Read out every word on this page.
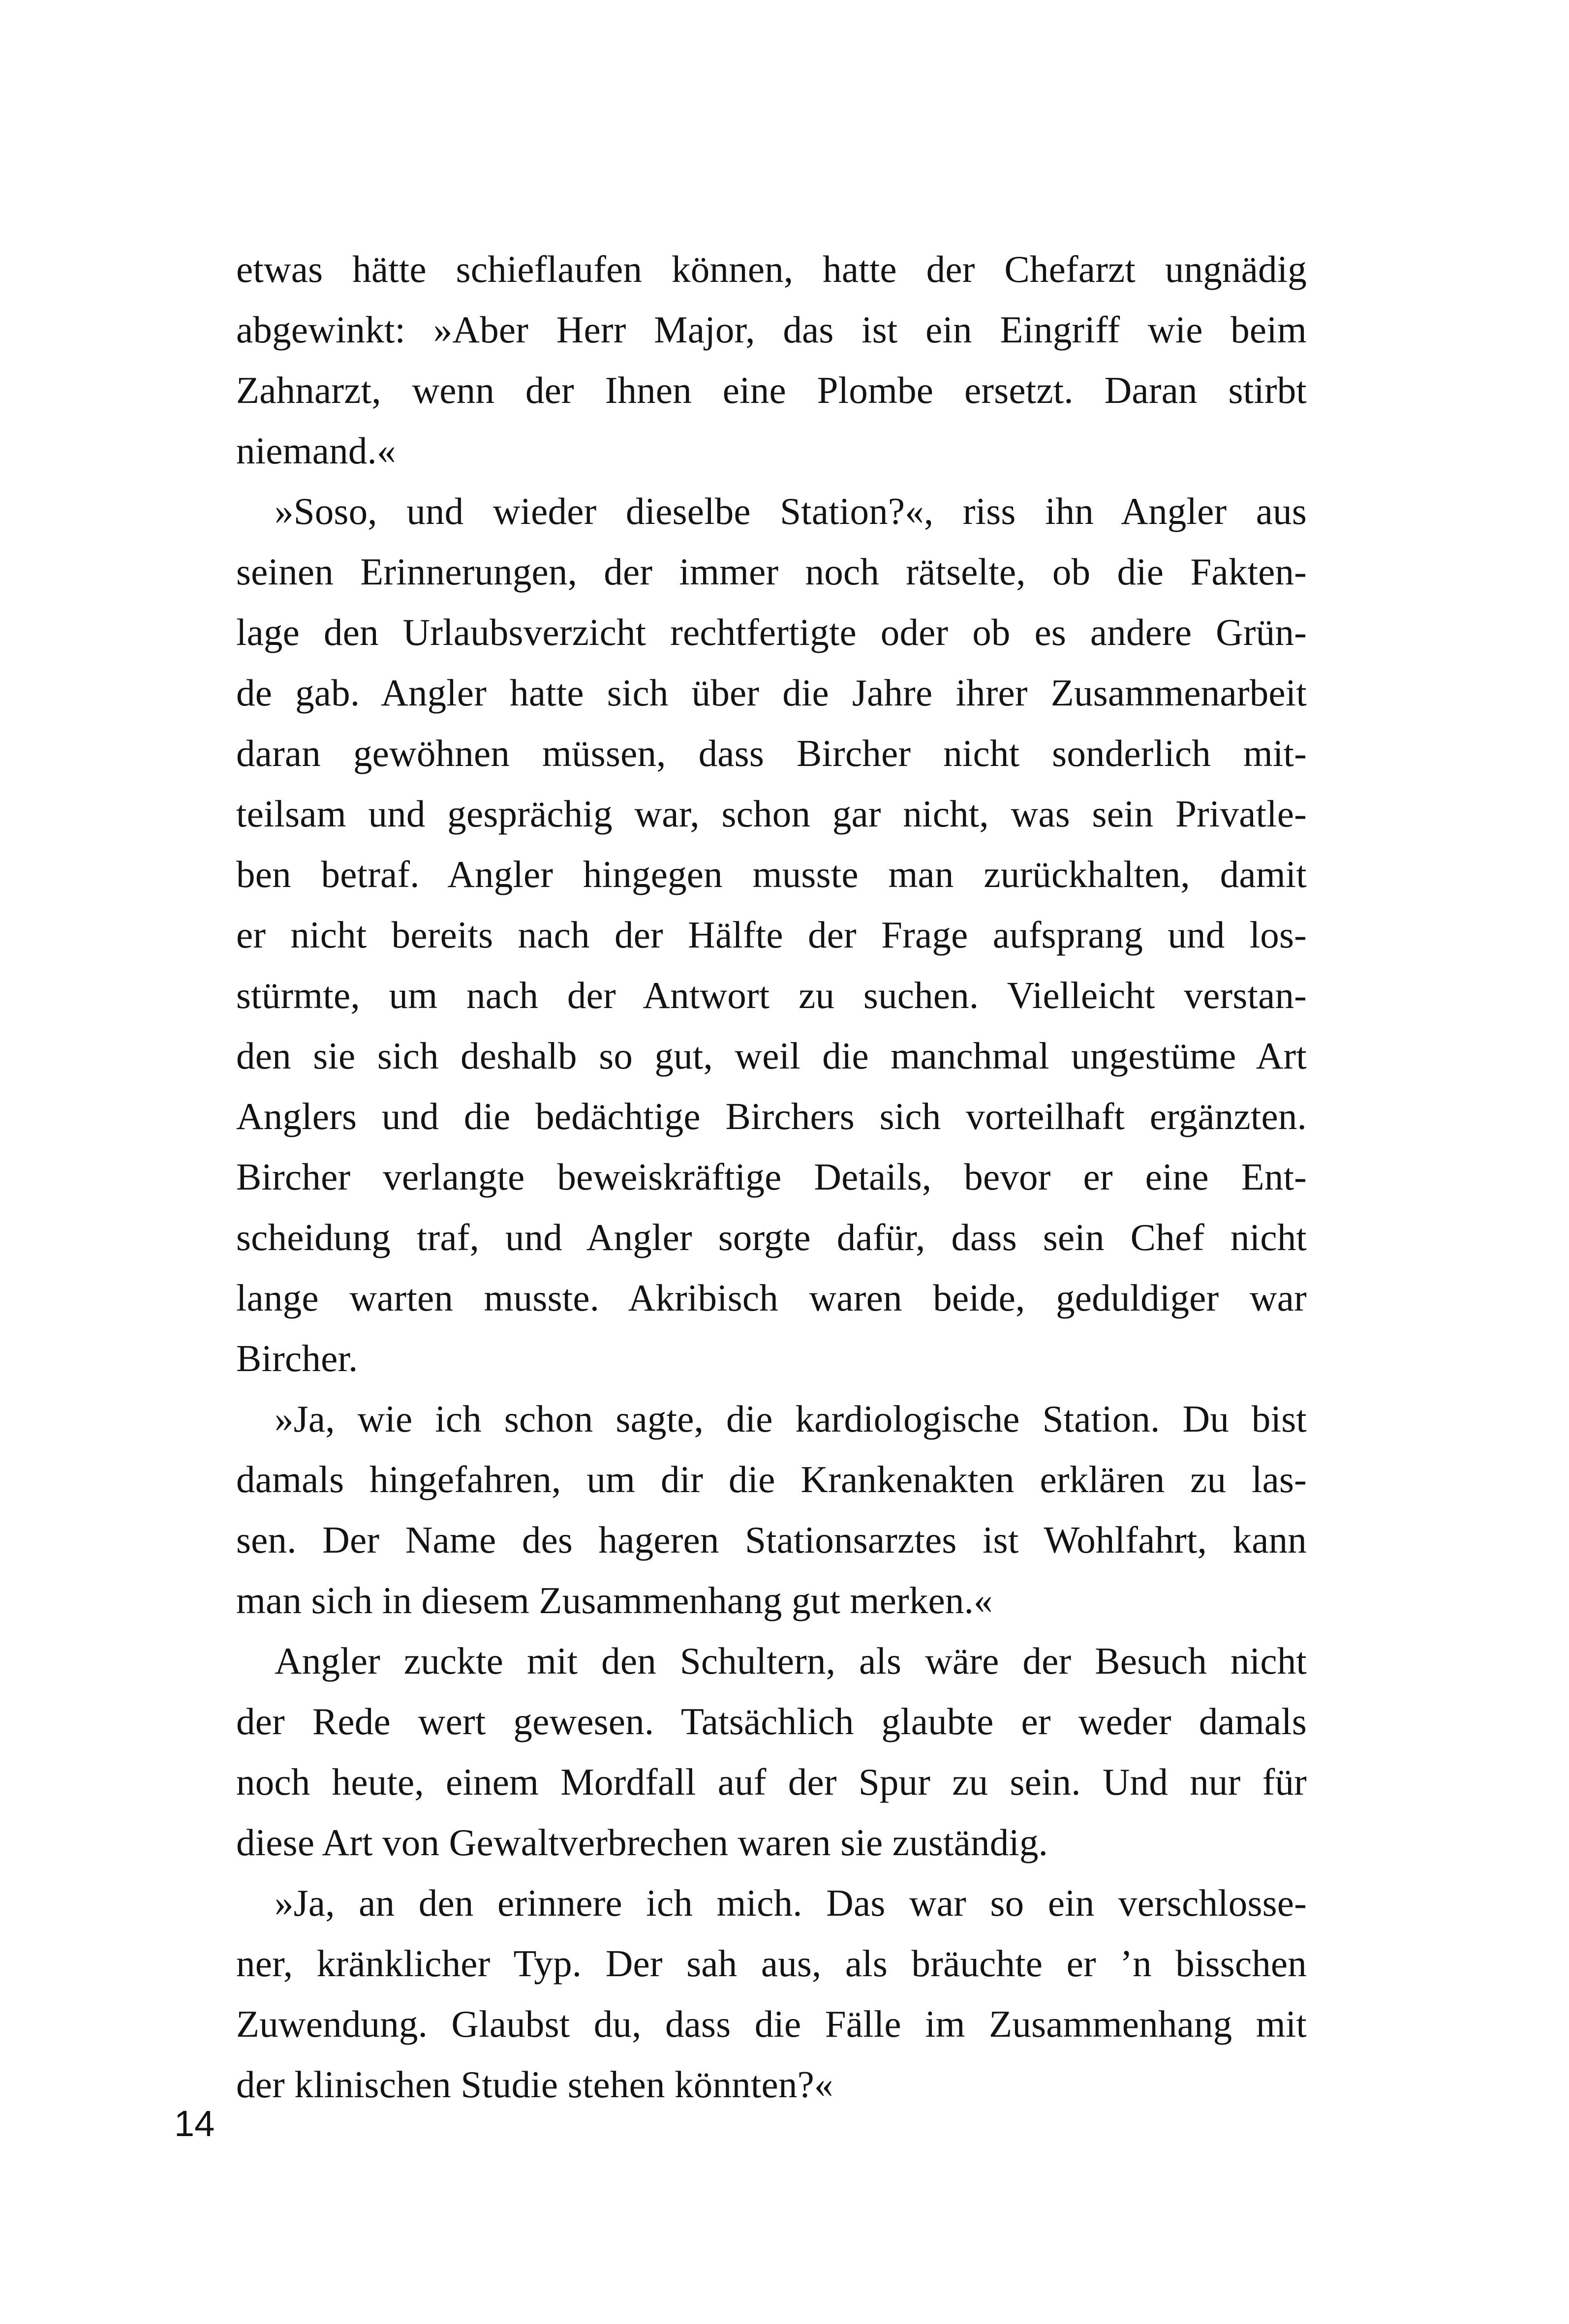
etwas hätte schieflaufen können, hatte der Chefarzt ungnädig
abgewinkt: »Aber Herr Major, das ist ein Eingriff wie beim
Zahnarzt, wenn der Ihnen eine Plombe ersetzt. Daran stirbt
niemand.«
»Soso, und wieder dieselbe Station?«, riss ihn Angler aus
seinen Erinnerungen, der immer noch rätselte, ob die Fakten-
lage den Urlaubsverzicht rechtfertigte oder ob es andere Grün-
de gab. Angler hatte sich über die Jahre ihrer Zusammenarbeit
daran gewöhnen müssen, dass Bircher nicht sonderlich mit-
teilsam und gesprächig war, schon gar nicht, was sein Privatle-
ben betraf. Angler hingegen musste man zurückhalten, damit
er nicht bereits nach der Hälfte der Frage aufsprang und los-
stürmte, um nach der Antwort zu suchen. Vielleicht verstan-
den sie sich deshalb so gut, weil die manchmal ungestüme Art
Anglers und die bedächtige Birchers sich vorteilhaft ergänzten.
Bircher verlangte beweiskräftige Details, bevor er eine Ent-
scheidung traf, und Angler sorgte dafür, dass sein Chef nicht
lange warten musste. Akribisch waren beide, geduldiger war
Bircher.
»Ja, wie ich schon sagte, die kardiologische Station. Du bist
damals hingefahren, um dir die Krankenakten erklären zu las-
sen. Der Name des hageren Stationsarztes ist Wohlfahrt, kann
man sich in diesem Zusammenhang gut merken.«
Angler zuckte mit den Schultern, als wäre der Besuch nicht
der Rede wert gewesen. Tatsächlich glaubte er weder damals
noch heute, einem Mordfall auf der Spur zu sein. Und nur für
diese Art von Gewaltverbrechen waren sie zuständig.
»Ja, an den erinnere ich mich. Das war so ein verschlosse-
ner, kränklicher Typ. Der sah aus, als bräuchte er ’n bisschen
Zuwendung. Glaubst du, dass die Fälle im Zusammenhang mit
der klinischen Studie stehen könnten?«
14
